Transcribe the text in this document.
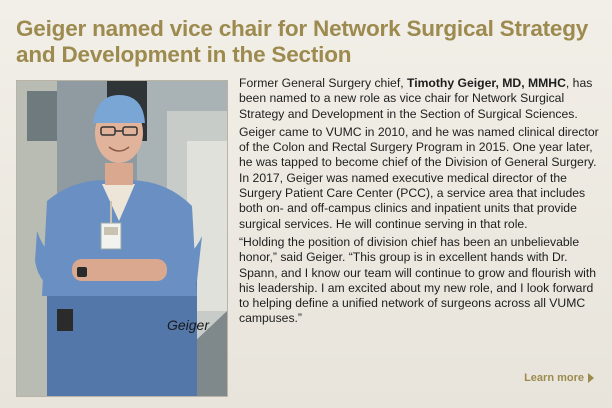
Geiger named vice chair for Network Surgical Strategy and Development in the Section
Geiger

Former General Surgery chief, Timothy Geiger, MD, MMHC, has been named to a new role as vice chair for Network Surgical Strategy and Development in the Section of Surgical Sciences.

Geiger came to VUMC in 2010, and he was named clinical director of the Colon and Rectal Surgery Program in 2015. One year later, he was tapped to become chief of the Division of General Surgery. In 2017, Geiger was named executive medical director of the Surgery Patient Care Center (PCC), a service area that includes both on- and off-campus clinics and inpatient units that provide surgical services. He will continue serving in that role.

“Holding the position of division chief has been an unbelievable honor,” said Geiger. “This group is in excellent hands with Dr. Spann, and I know our team will continue to grow and flourish with his leadership. I am excited about my new role, and I look forward to helping define a unified network of surgeons across all VUMC campuses.”

Learn more
